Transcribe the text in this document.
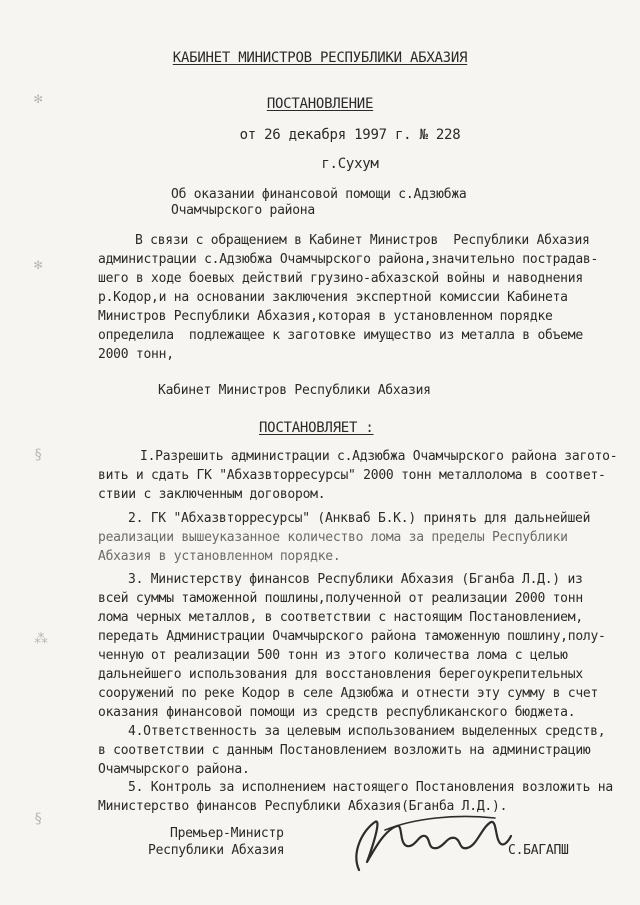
✻
✻
§
⁂
§
КАБИНЕТ МИНИСТРОВ РЕСПУБЛИКИ АБХАЗИЯ
ПОСТАНОВЛЕНИЕ
от 26 декабря 1997 г. № 228
г.Сухум
Об оказании финансовой помощи с.Адзюбжа
Очамчырского района
В связи с обращением в Кабинет Министров  Республики Абхазия
администрации с.Адзюбжа Очамчырского района,значительно пострадав-
шего в ходе боевых действий грузино-абхазской войны и наводнения
р.Кодор,и на основании заключения экспертной комиссии Кабинета
Министров Республики Абхазия,которая в установленном порядке
определила  подлежащее к заготовке имущество из металла в объеме
2000 тонн,
Кабинет Министров Республики Абхазия
ПОСТАНОВЛЯЕТ :
I.Разрешить администрации с.Адзюбжа Очамчырского района загото-
вить и сдать ГК "Абхазвторресурсы" 2000 тонн металлолома в соответ-
ствии с заключенным договором.
2. ГК "Абхазвторресурсы" (Анкваб Б.К.) принять для дальнейшей
реализации вышеуказанное количество лома за пределы Республики
Абхазия в установленном порядке.
3. Министерству финансов Республики Абхазия (Бганба Л.Д.) из
всей суммы таможенной пошлины,полученной от реализации 2000 тонн
лома черных металлов, в соответствии с настоящим Постановлением,
передать Администрации Очамчырского района таможенную пошлину,полу-
ченную от реализации 500 тонн из этого количества лома с целью
дальнейшего использования для восстановления берегоукрепительных
сооружений по реке Кодор в селе Адзюбжа и отнести эту сумму в счет
оказания финансовой помощи из средств республиканского бюджета.
4.Ответственность за целевым использованием выделенных средств,
в соответствии с данным Постановлением возложить на администрацию
Очамчырского района.
5. Контроль за исполнением настоящего Постановления возложить на
Министерство финансов Республики Абхазия(Бганба Л.Д.).
Премьер-Министр
Республики Абхазия	С.БАГАПШ
